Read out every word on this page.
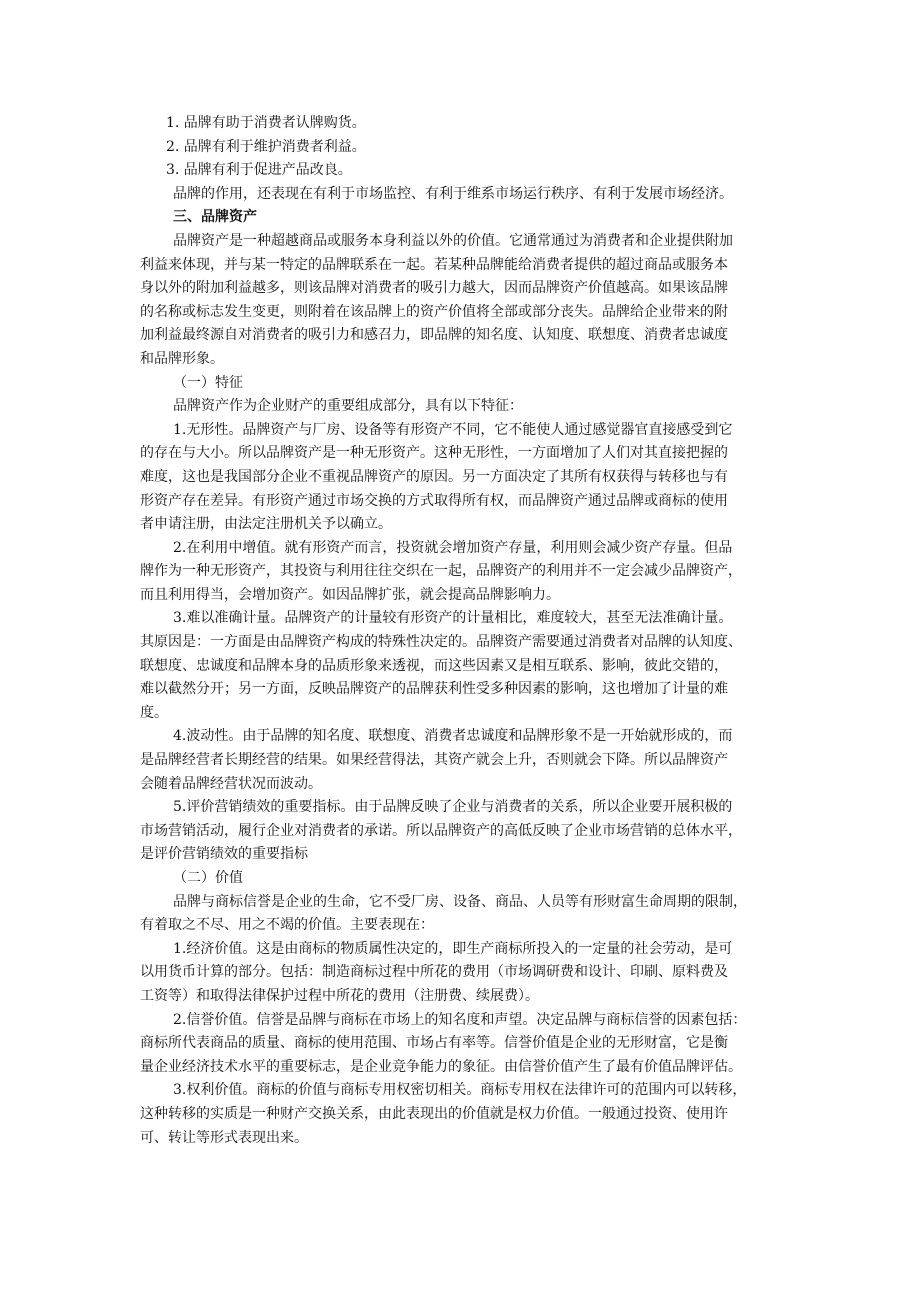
1. 品牌有助于消费者认牌购货。
2. 品牌有利于维护消费者利益。
3. 品牌有利于促进产品改良。
品牌的作用，还表现在有利于市场监控、有利于维系市场运行秩序、有利于发展市场经济。
三、品牌资产
品牌资产是一种超越商品或服务本身利益以外的价值。它通常通过为消费者和企业提供附加
利益来体现，并与某一特定的品牌联系在一起。若某种品牌能给消费者提供的超过商品或服务本
身以外的附加利益越多，则该品牌对消费者的吸引力越大，因而品牌资产价值越高。如果该品牌
的名称或标志发生变更，则附着在该品牌上的资产价值将全部或部分丧失。品牌给企业带来的附
加利益最终源自对消费者的吸引力和感召力，即品牌的知名度、认知度、联想度、消费者忠诚度
和品牌形象。
（一）特征
品牌资产作为企业财产的重要组成部分，具有以下特征：
1.无形性。品牌资产与厂房、设备等有形资产不同，它不能使人通过感觉器官直接感受到它
的存在与大小。所以品牌资产是一种无形资产。这种无形性，一方面增加了人们对其直接把握的
难度，这也是我国部分企业不重视品牌资产的原因。另一方面决定了其所有权获得与转移也与有
形资产存在差异。有形资产通过市场交换的方式取得所有权，而品牌资产通过品牌或商标的使用
者申请注册，由法定注册机关予以确立。
2.在利用中增值。就有形资产而言，投资就会增加资产存量，利用则会减少资产存量。但品
牌作为一种无形资产，其投资与利用往往交织在一起，品牌资产的利用并不一定会减少品牌资产，
而且利用得当，会增加资产。如因品牌扩张，就会提高品牌影响力。
3.难以准确计量。品牌资产的计量较有形资产的计量相比，难度较大，甚至无法准确计量。
其原因是：一方面是由品牌资产构成的特殊性决定的。品牌资产需要通过消费者对品牌的认知度、
联想度、忠诚度和品牌本身的品质形象来透视，而这些因素又是相互联系、影响，彼此交错的，
难以截然分开；另一方面，反映品牌资产的品牌获利性受多种因素的影响，这也增加了计量的难
度。
4.波动性。由于品牌的知名度、联想度、消费者忠诚度和品牌形象不是一开始就形成的，而
是品牌经营者长期经营的结果。如果经营得法，其资产就会上升，否则就会下降。所以品牌资产
会随着品牌经营状况而波动。
5.评价营销绩效的重要指标。由于品牌反映了企业与消费者的关系，所以企业要开展积极的
市场营销活动，履行企业对消费者的承诺。所以品牌资产的高低反映了企业市场营销的总体水平，
是评价营销绩效的重要指标
（二）价值
品牌与商标信誉是企业的生命，它不受厂房、设备、商品、人员等有形财富生命周期的限制，
有着取之不尽、用之不竭的价值。主要表现在：
1.经济价值。这是由商标的物质属性决定的，即生产商标所投入的一定量的社会劳动，是可
以用货币计算的部分。包括：制造商标过程中所花的费用（市场调研费和设计、印刷、原料费及
工资等）和取得法律保护过程中所花的费用（注册费、续展费）。
2.信誉价值。信誉是品牌与商标在市场上的知名度和声望。决定品牌与商标信誉的因素包括：
商标所代表商品的质量、商标的使用范围、市场占有率等。信誉价值是企业的无形财富，它是衡
量企业经济技术水平的重要标志，是企业竞争能力的象征。由信誉价值产生了最有价值品牌评估。
3.权利价值。商标的价值与商标专用权密切相关。商标专用权在法律许可的范围内可以转移，
这种转移的实质是一种财产交换关系，由此表现出的价值就是权力价值。一般通过投资、使用许
可、转让等形式表现出来。
